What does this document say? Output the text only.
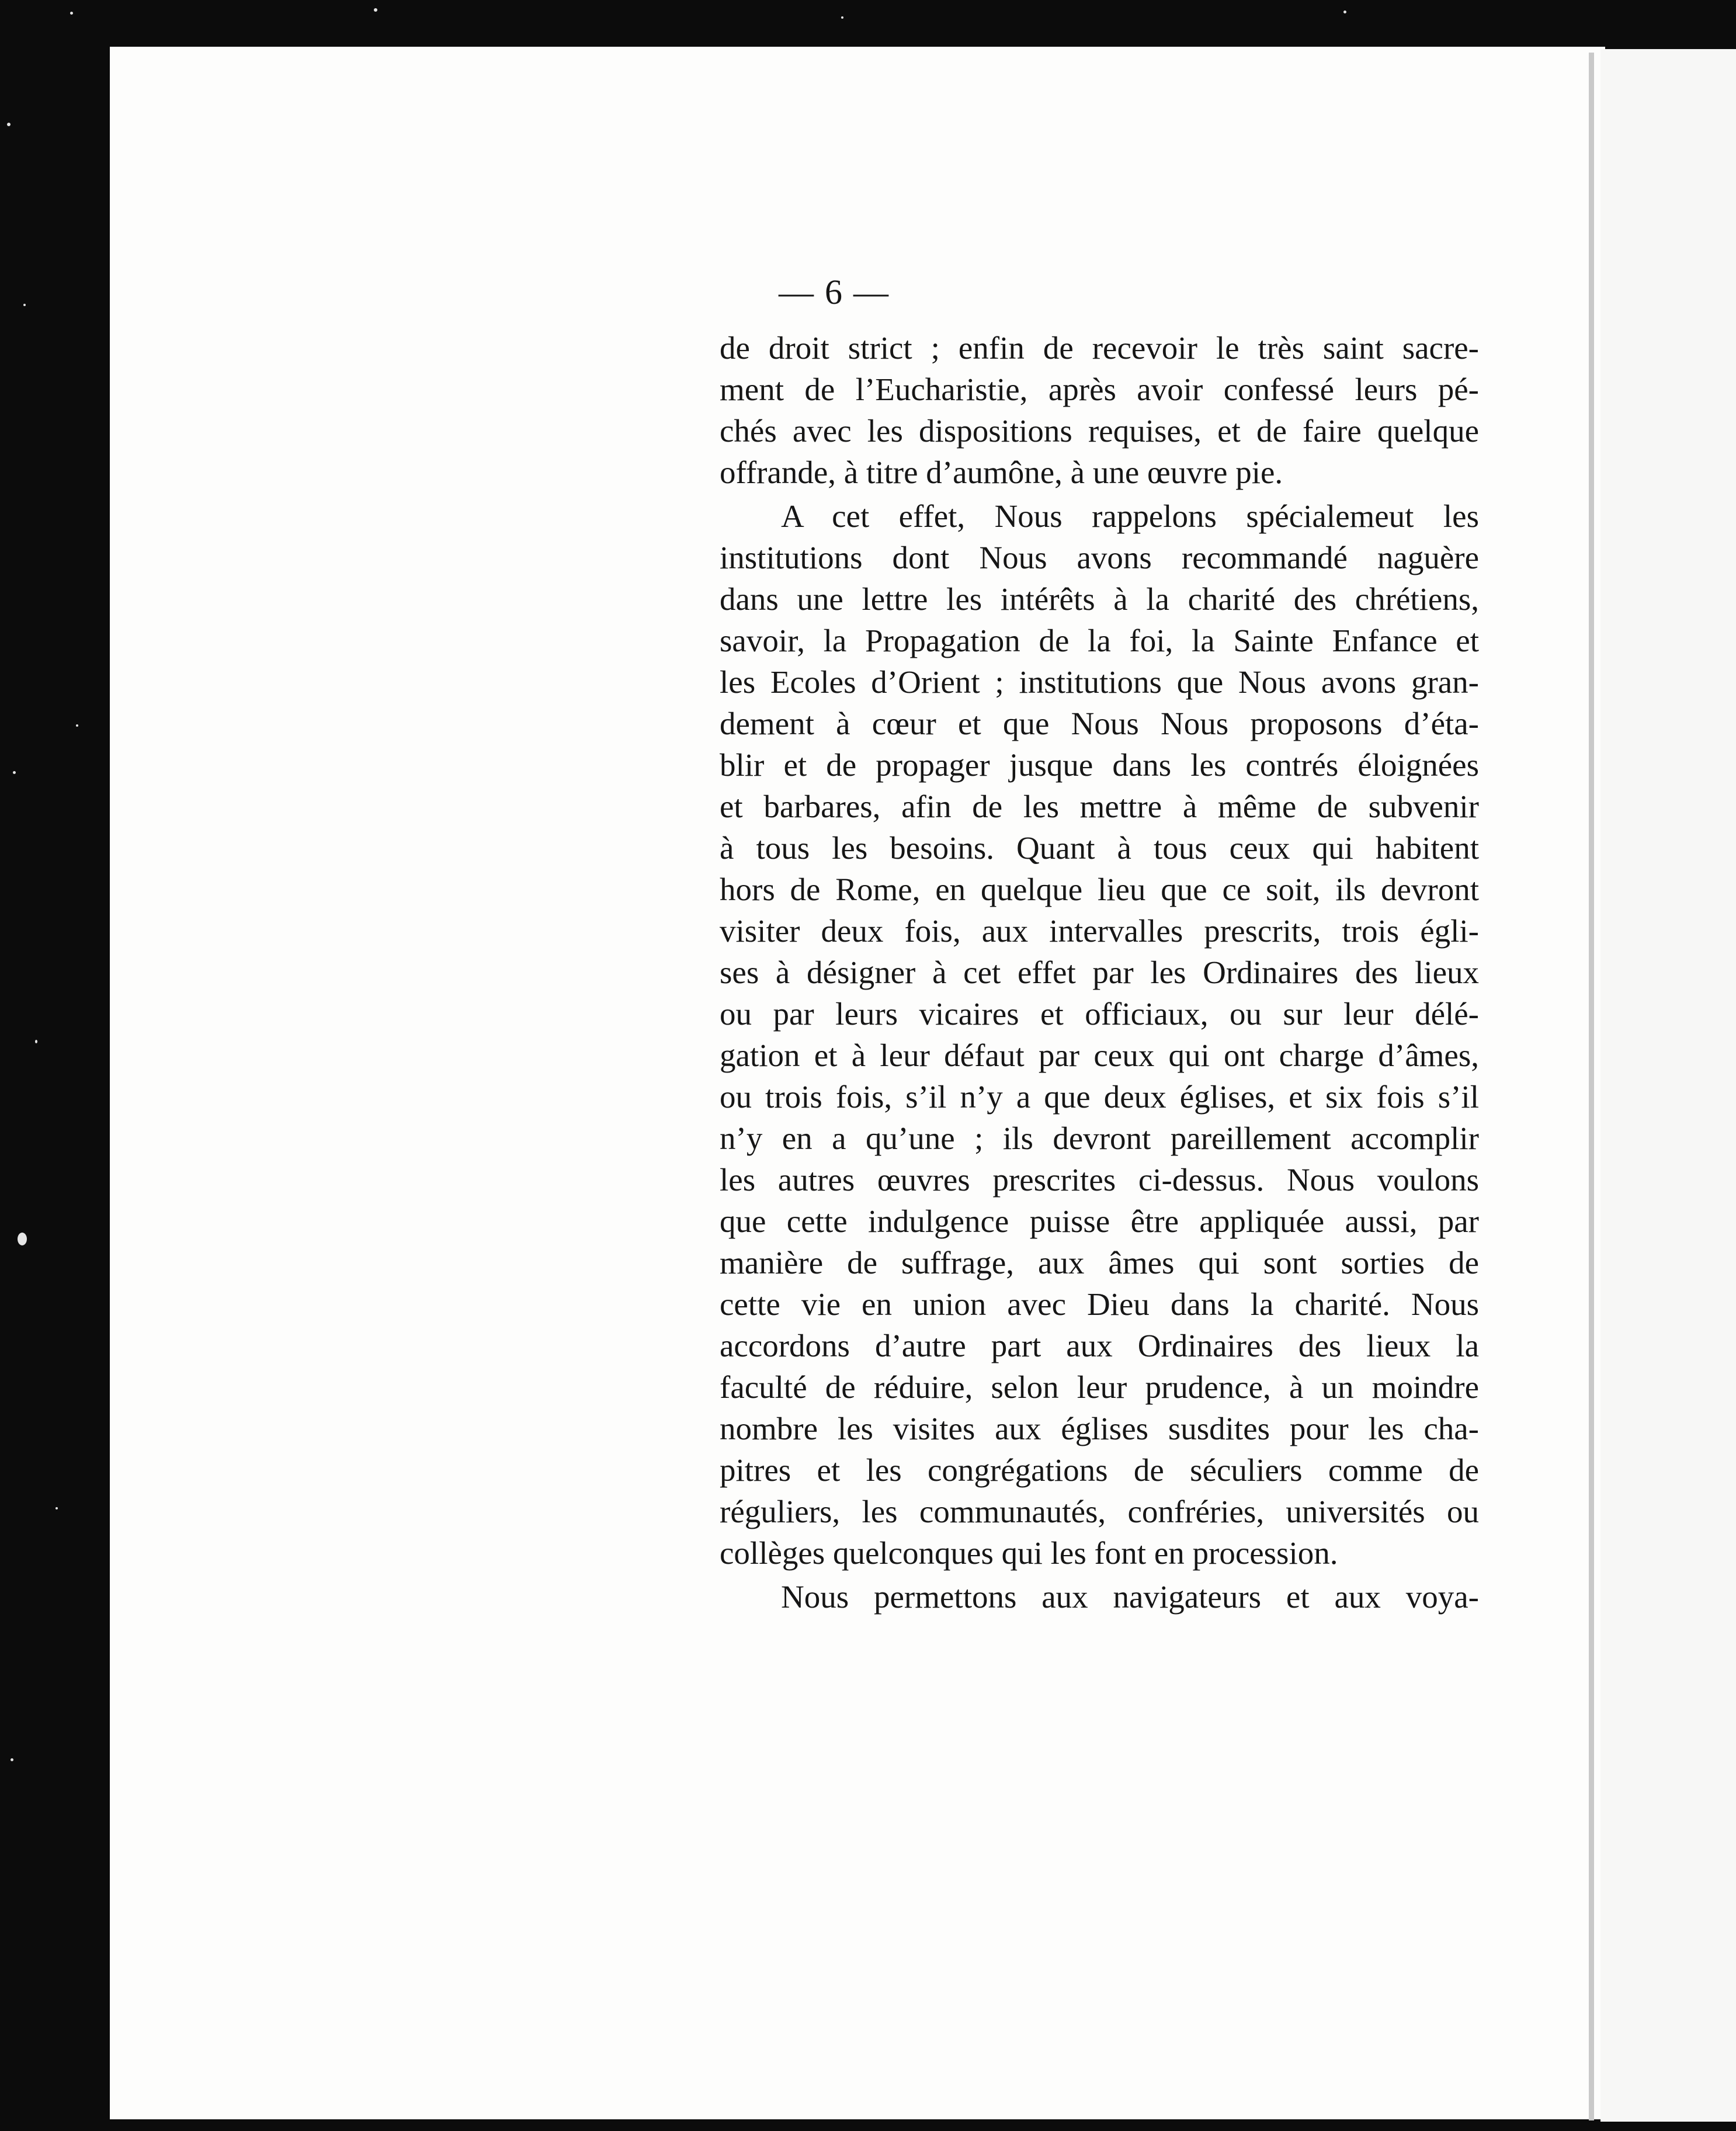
— 6 —
de droit strict ; enfin de recevoir le très saint sacre-
ment de l’Eucharistie, après avoir confessé leurs pé-
chés avec les dispositions requises, et de faire quelque
offrande, à titre d’aumône, à une œuvre pie.
A cet effet, Nous rappelons spécialemeut les
institutions dont Nous avons recommandé naguère
dans une lettre les intérêts à la charité des chrétiens,
savoir, la Propagation de la foi, la Sainte Enfance et
les Ecoles d’Orient ; institutions que Nous avons gran-
dement à cœur et que Nous Nous proposons d’éta-
blir et de propager jusque dans les contrés éloignées
et barbares, afin de les mettre à même de subvenir
à tous les besoins. Quant à tous ceux qui habitent
hors de Rome, en quelque lieu que ce soit, ils devront
visiter deux fois, aux intervalles prescrits, trois égli-
ses à désigner à cet effet par les Ordinaires des lieux
ou par leurs vicaires et officiaux, ou sur leur délé-
gation et à leur défaut par ceux qui ont charge d’âmes,
ou trois fois, s’il n’y a que deux églises, et six fois s’il
n’y en a qu’une ; ils devront pareillement accomplir
les autres œuvres prescrites ci-dessus. Nous voulons
que cette indulgence puisse être appliquée aussi, par
manière de suffrage, aux âmes qui sont sorties de
cette vie en union avec Dieu dans la charité. Nous
accordons d’autre part aux Ordinaires des lieux la
faculté de réduire, selon leur prudence, à un moindre
nombre les visites aux églises susdites pour les cha-
pitres et les congrégations de séculiers comme de
réguliers, les communautés, confréries, universités ou
collèges quelconques qui les font en procession.
Nous permettons aux navigateurs et aux voya-
